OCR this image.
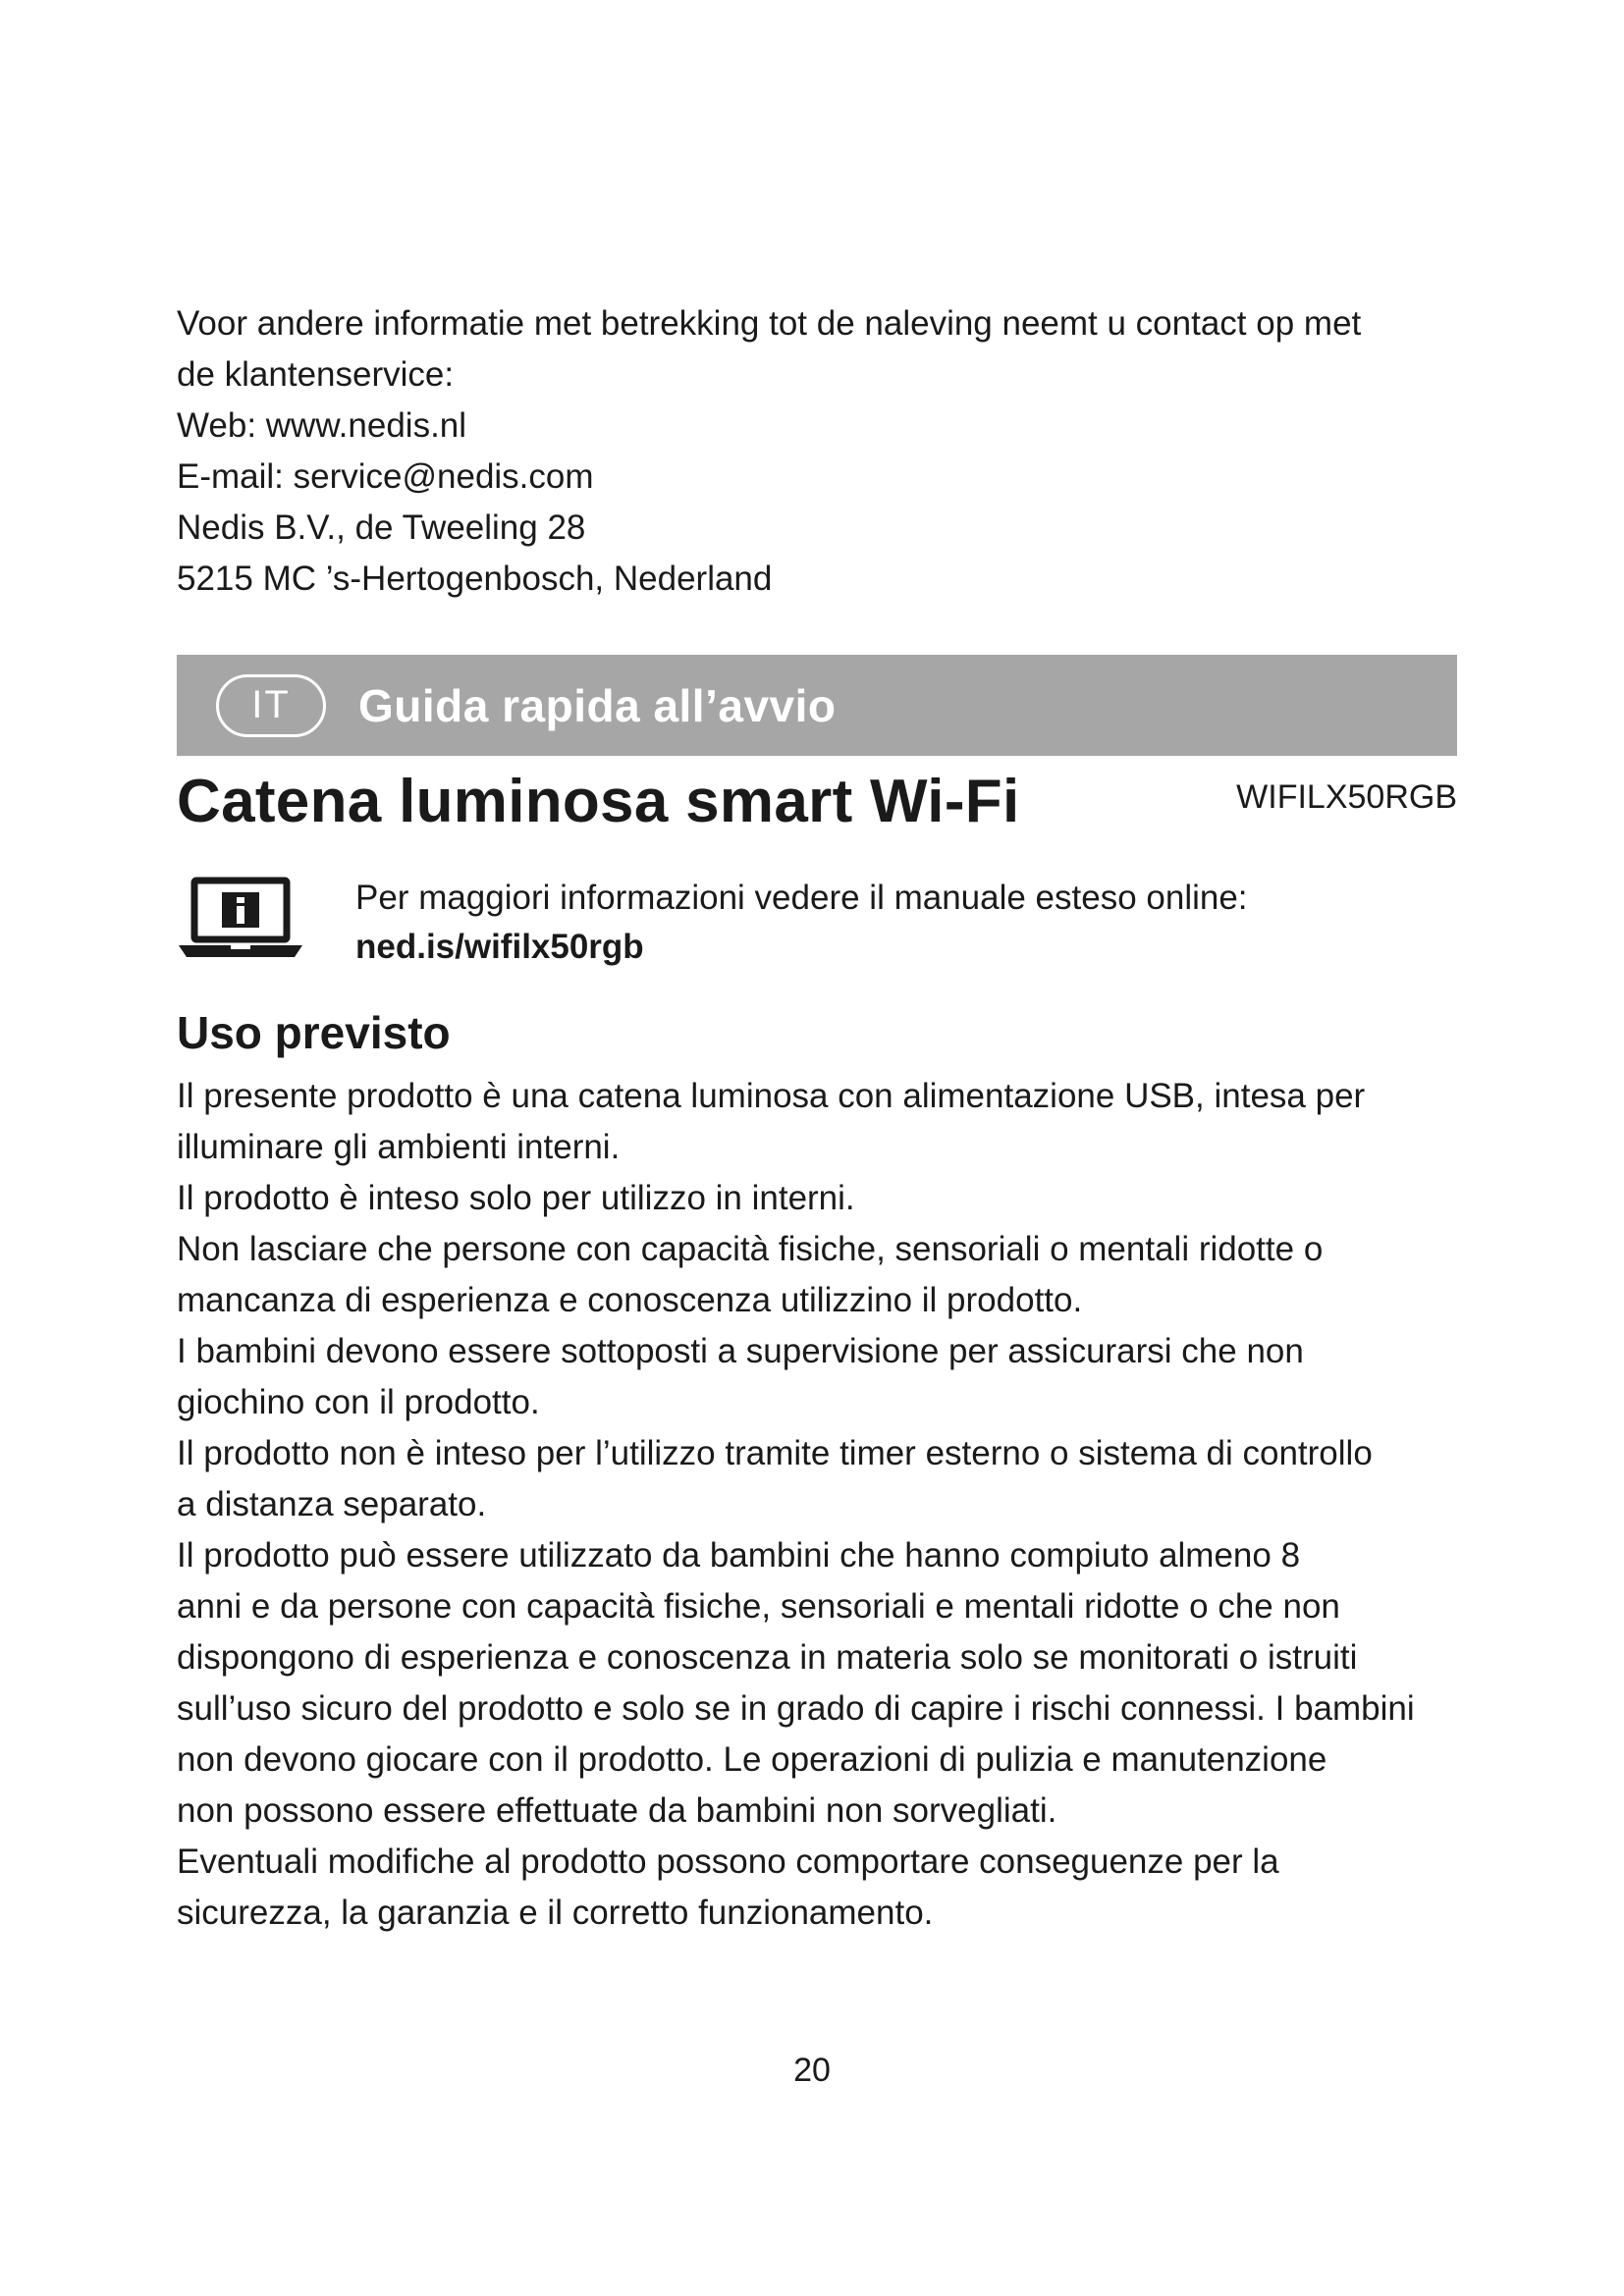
Voor andere informatie met betrekking tot de naleving neemt u contact op met

de klantenservice:

Web: www.nedis.nl

E-mail: service@nedis.com

Nedis B.V., de Tweeling 28

5215 MC ’s-Hertogenbosch, Nederland

IT	Guida rapida all’avvio
Catena luminosa smart Wi-Fi	WIFILX50RGB

Per maggiori informazioni vedere il manuale esteso online:

ned.is/wifilx50rgb

Uso previsto

Il presente prodotto è una catena luminosa con alimentazione USB, intesa per

illuminare gli ambienti interni.

Il prodotto è inteso solo per utilizzo in interni.

Non lasciare che persone con capacità fisiche, sensoriali o mentali ridotte o

mancanza di esperienza e conoscenza utilizzino il prodotto.

I bambini devono essere sottoposti a supervisione per assicurarsi che non

giochino con il prodotto.

Il prodotto non è inteso per l’utilizzo tramite timer esterno o sistema di controllo

a distanza separato.

Il prodotto può essere utilizzato da bambini che hanno compiuto almeno 8

anni e da persone con capacità fisiche, sensoriali e mentali ridotte o che non

dispongono di esperienza e conoscenza in materia solo se monitorati o istruiti

sull’uso sicuro del prodotto e solo se in grado di capire i rischi connessi. I bambini

non devono giocare con il prodotto. Le operazioni di pulizia e manutenzione

non possono essere effettuate da bambini non sorvegliati.

Eventuali modifiche al prodotto possono comportare conseguenze per la

sicurezza, la garanzia e il corretto funzionamento.

20
